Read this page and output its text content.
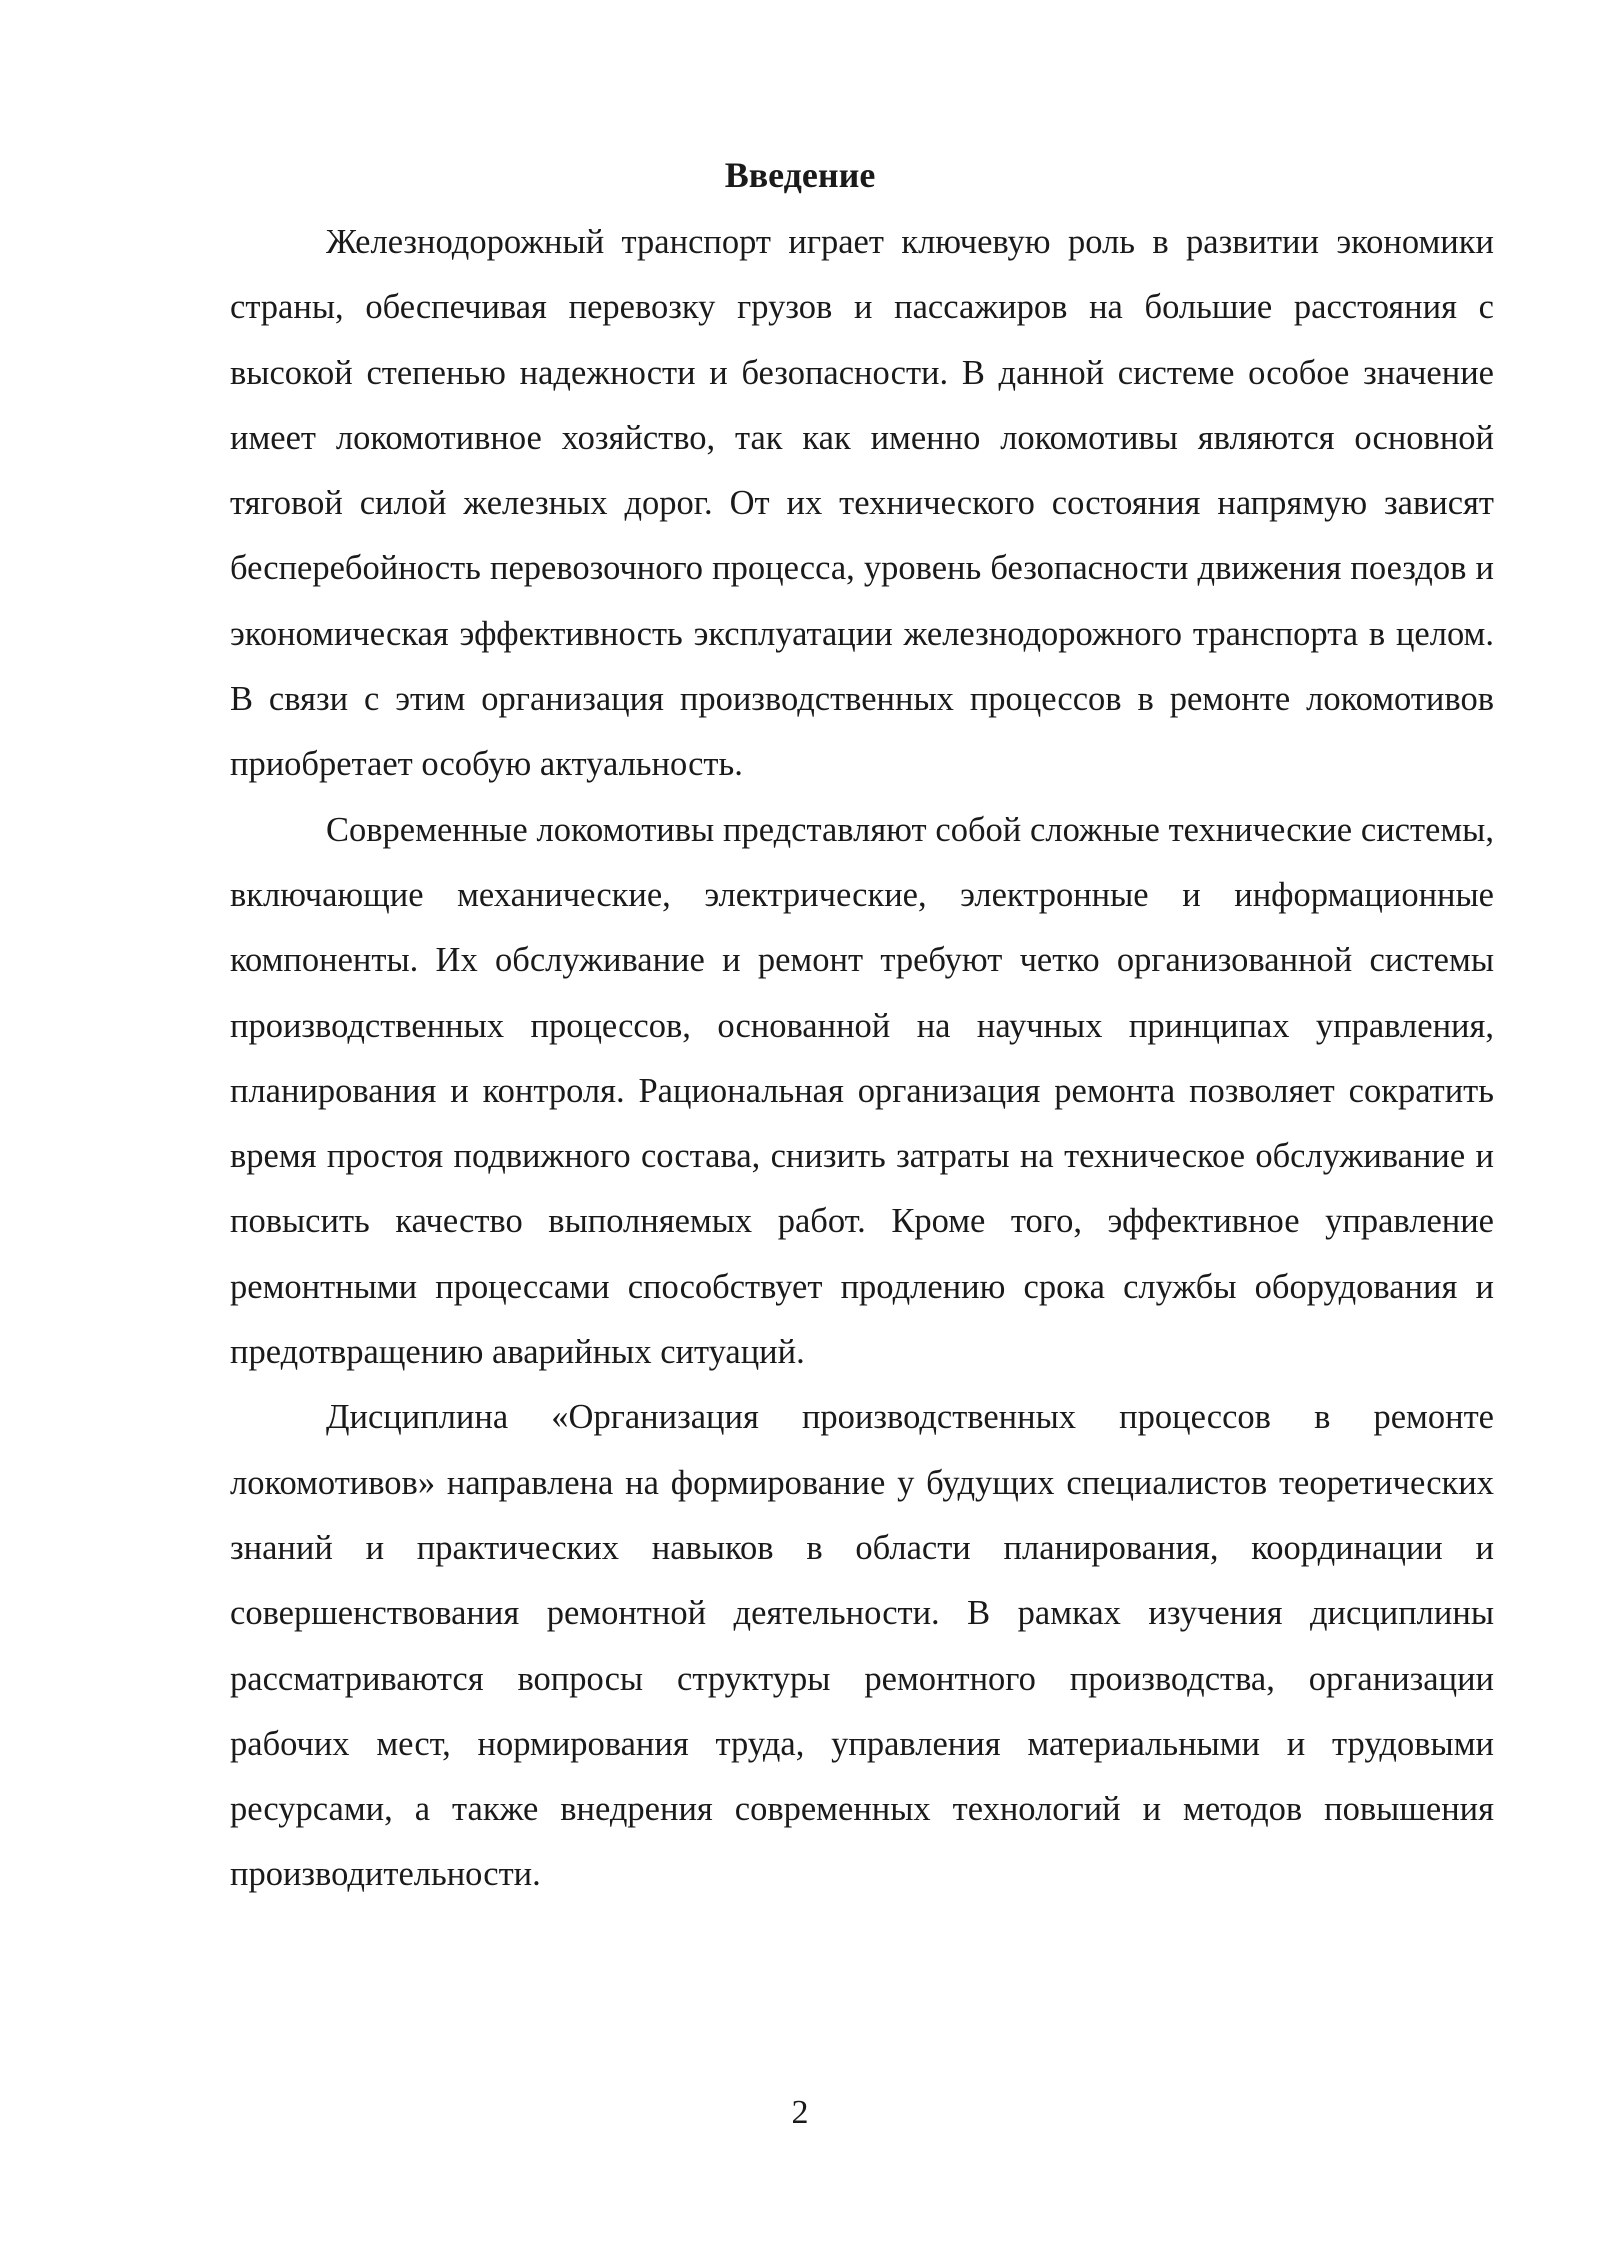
Введение

Железнодорожный транспорт играет ключевую роль в развитии экономики страны, обеспечивая перевозку грузов и пассажиров на большие расстояния с высокой степенью надежности и безопасности. В данной системе особое значение имеет локомотивное хозяйство, так как именно локомотивы являются основной тяговой силой железных дорог. От их технического состояния напрямую зависят бесперебойность перевозочного процесса, уровень безопасности движения поездов и экономическая эффективность эксплуатации железнодорожного транспорта в целом. В связи с этим организация производственных процессов в ремонте локомотивов приобретает особую актуальность.

Современные локомотивы представляют собой сложные технические системы, включающие механические, электрические, электронные и информационные компоненты. Их обслуживание и ремонт требуют четко организованной системы производственных процессов, основанной на научных принципах управления, планирования и контроля. Рациональная организация ремонта позволяет сократить время простоя подвижного состава, снизить затраты на техническое обслуживание и повысить качество выполняемых работ. Кроме того, эффективное управление ремонтными процессами способствует продлению срока службы оборудования и предотвращению аварийных ситуаций.

Дисциплина «Организация производственных процессов в ремонте локомотивов» направлена на формирование у будущих специалистов теоретических знаний и практических навыков в области планирования, координации и совершенствования ремонтной деятельности. В рамках изучения дисциплины рассматриваются вопросы структуры ремонтного производства, организации рабочих мест, нормирования труда, управления материальными и трудовыми ресурсами, а также внедрения современных технологий и методов повышения производительности.

2
